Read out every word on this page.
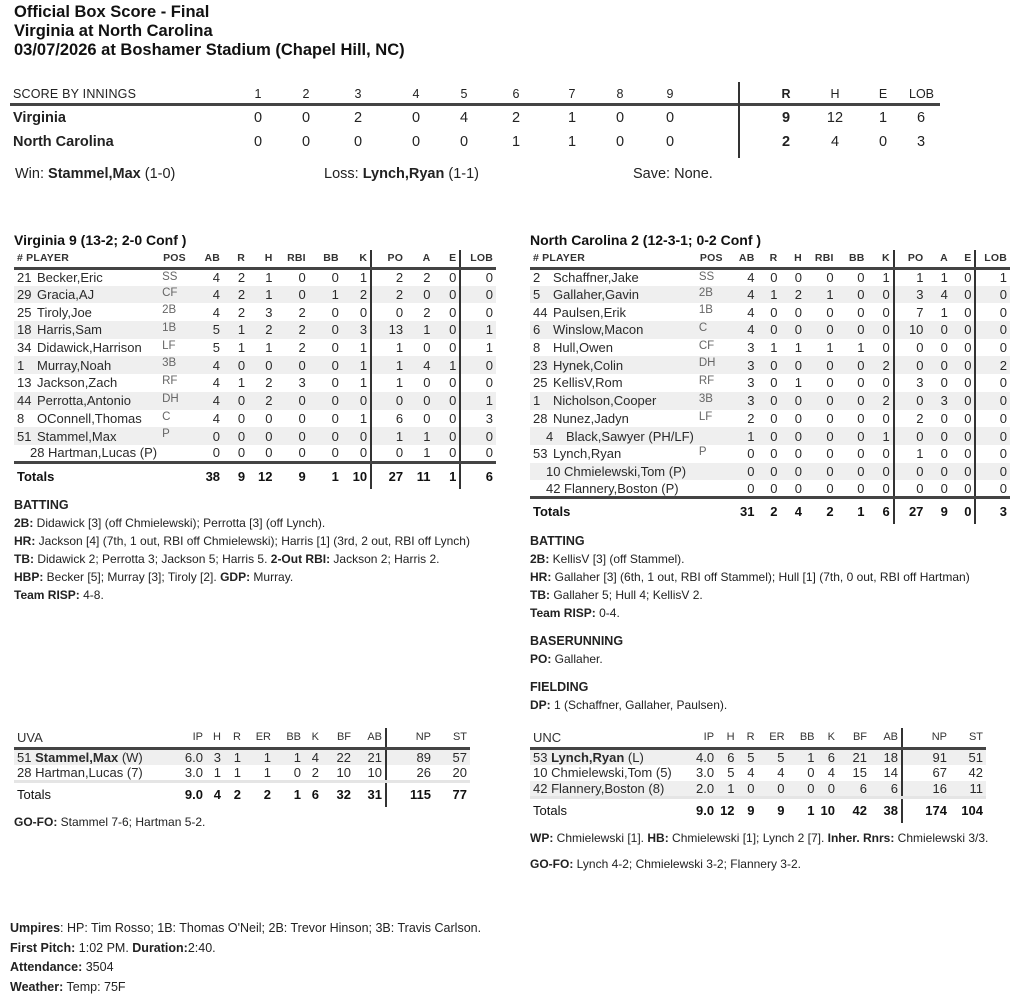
Official Box Score - Final
Virginia at North Carolina
03/07/2026 at Boshamer Stadium (Chapel Hill, NC)
SCORE BY INNINGS	1	2	3	4	5	6	7	8	9	R	H	E	LOB
Virginia	0	0	2	0	4	2	1	0	0	9	12	1	6
North Carolina	0	0	0	0	0	1	1	0	0	2	4	0	3
Win: Stammel,Max (1-0)	Loss: Lynch,Ryan (1-1)	Save: None.
Virginia 9 (13-2; 2-0 Conf )
# PLAYER	POS	AB	R	H	RBI	BB	K	PO	A	E	LOB
21 Becker,Eric	SS	4	2	1	0	0	1	2	2	0	0
29 Gracia,AJ	CF	4	2	1	0	1	2	2	0	0	0
25 Tiroly,Joe	2B	4	2	3	2	0	0	0	2	0	0
18 Harris,Sam	1B	5	1	2	2	0	3	13	1	0	1
34 Didawick,Harrison	LF	5	1	1	2	0	1	1	0	0	1
1 Murray,Noah	3B	4	0	0	0	0	1	1	4	1	0
13 Jackson,Zach	RF	4	1	2	3	0	1	1	0	0	0
44 Perrotta,Antonio	DH	4	0	2	0	0	0	0	0	0	1
8 OConnell,Thomas	C	4	0	0	0	0	1	6	0	0	3
51 Stammel,Max	P	0	0	0	0	0	0	1	1	0	0
28 Hartman,Lucas (P)		0	0	0	0	0	0	0	1	0	0
Totals		38	9	12	9	1	10	27	11	1	6
BATTING

2B: Didawick [3] (off Chmielewski); Perrotta [3] (off Lynch).

HR: Jackson [4] (7th, 1 out, RBI off Chmielewski); Harris [1] (3rd, 2 out, RBI off Lynch)

TB: Didawick 2; Perrotta 3; Jackson 5; Harris 5. 2-Out RBI: Jackson 2; Harris 2.

HBP: Becker [5]; Murray [3]; Tiroly [2]. GDP: Murray.

Team RISP: 4-8.

North Carolina 2 (12-3-1; 0-2 Conf )
# PLAYER	POS	AB	R	H	RBI	BB	K	PO	A	E	LOB
2 Schaffner,Jake	SS	4	0	0	0	0	1	1	1	0	1
5 Gallaher,Gavin	2B	4	1	2	1	0	0	3	4	0	0
44 Paulsen,Erik	1B	4	0	0	0	0	0	7	1	0	0
6 Winslow,Macon	C	4	0	0	0	0	0	10	0	0	0
8 Hull,Owen	CF	3	1	1	1	1	0	0	0	0	0
23 Hynek,Colin	DH	3	0	0	0	0	2	0	0	0	2
25 KellisV,Rom	RF	3	0	1	0	0	0	3	0	0	0
1 Nicholson,Cooper	3B	3	0	0	0	0	2	0	3	0	0
28 Nunez,Jadyn	LF	2	0	0	0	0	0	2	0	0	0
4 Black,Sawyer (PH/LF)		1	0	0	0	0	1	0	0	0	0
53 Lynch,Ryan	P	0	0	0	0	0	0	1	0	0	0
10 Chmielewski,Tom (P)		0	0	0	0	0	0	0	0	0	0
42 Flannery,Boston (P)		0	0	0	0	0	0	0	0	0	0
Totals		31	2	4	2	1	6	27	9	0	3
BATTING

2B: KellisV [3] (off Stammel).

HR: Gallaher [3] (6th, 1 out, RBI off Stammel); Hull [1] (7th, 0 out, RBI off Hartman)

TB: Gallaher 5; Hull 4; KellisV 2.

Team RISP: 0-4.

BASERUNNING

PO: Gallaher.

FIELDING

DP: 1 (Schaffner, Gallaher, Paulsen).

UVA	IP	H	R	ER	BB	K	BF	AB	NP	ST
51 Stammel,Max (W)	6.0	3	1	1	1	4	22	21	89	57
28 Hartman,Lucas (7)	3.0	1	1	1	0	2	10	10	26	20
Totals	9.0	4	2	2	1	6	32	31	115	77

GO-FO: Stammel 7-6; Hartman 5-2.

UNC	IP	H	R	ER	BB	K	BF	AB	NP	ST
53 Lynch,Ryan (L)	4.0	6	5	5	1	6	21	18	91	51
10 Chmielewski,Tom (5)	3.0	5	4	4	0	4	15	14	67	42
42 Flannery,Boston (8)	2.0	1	0	0	0	0	6	6	16	11
Totals	9.0	12	9	9	1	10	42	38	174	104

WP: Chmielewski [1]. HB: Chmielewski [1]; Lynch 2 [7]. Inher. Rnrs: Chmielewski 3/3.

GO-FO: Lynch 4-2; Chmielewski 3-2; Flannery 3-2.

Umpires: HP: Tim Rosso; 1B: Thomas O'Neil; 2B: Trevor Hinson; 3B: Travis Carlson.
First Pitch: 1:02 PM. Duration:2:40.
Attendance: 3504
Weather: Temp: 75F
